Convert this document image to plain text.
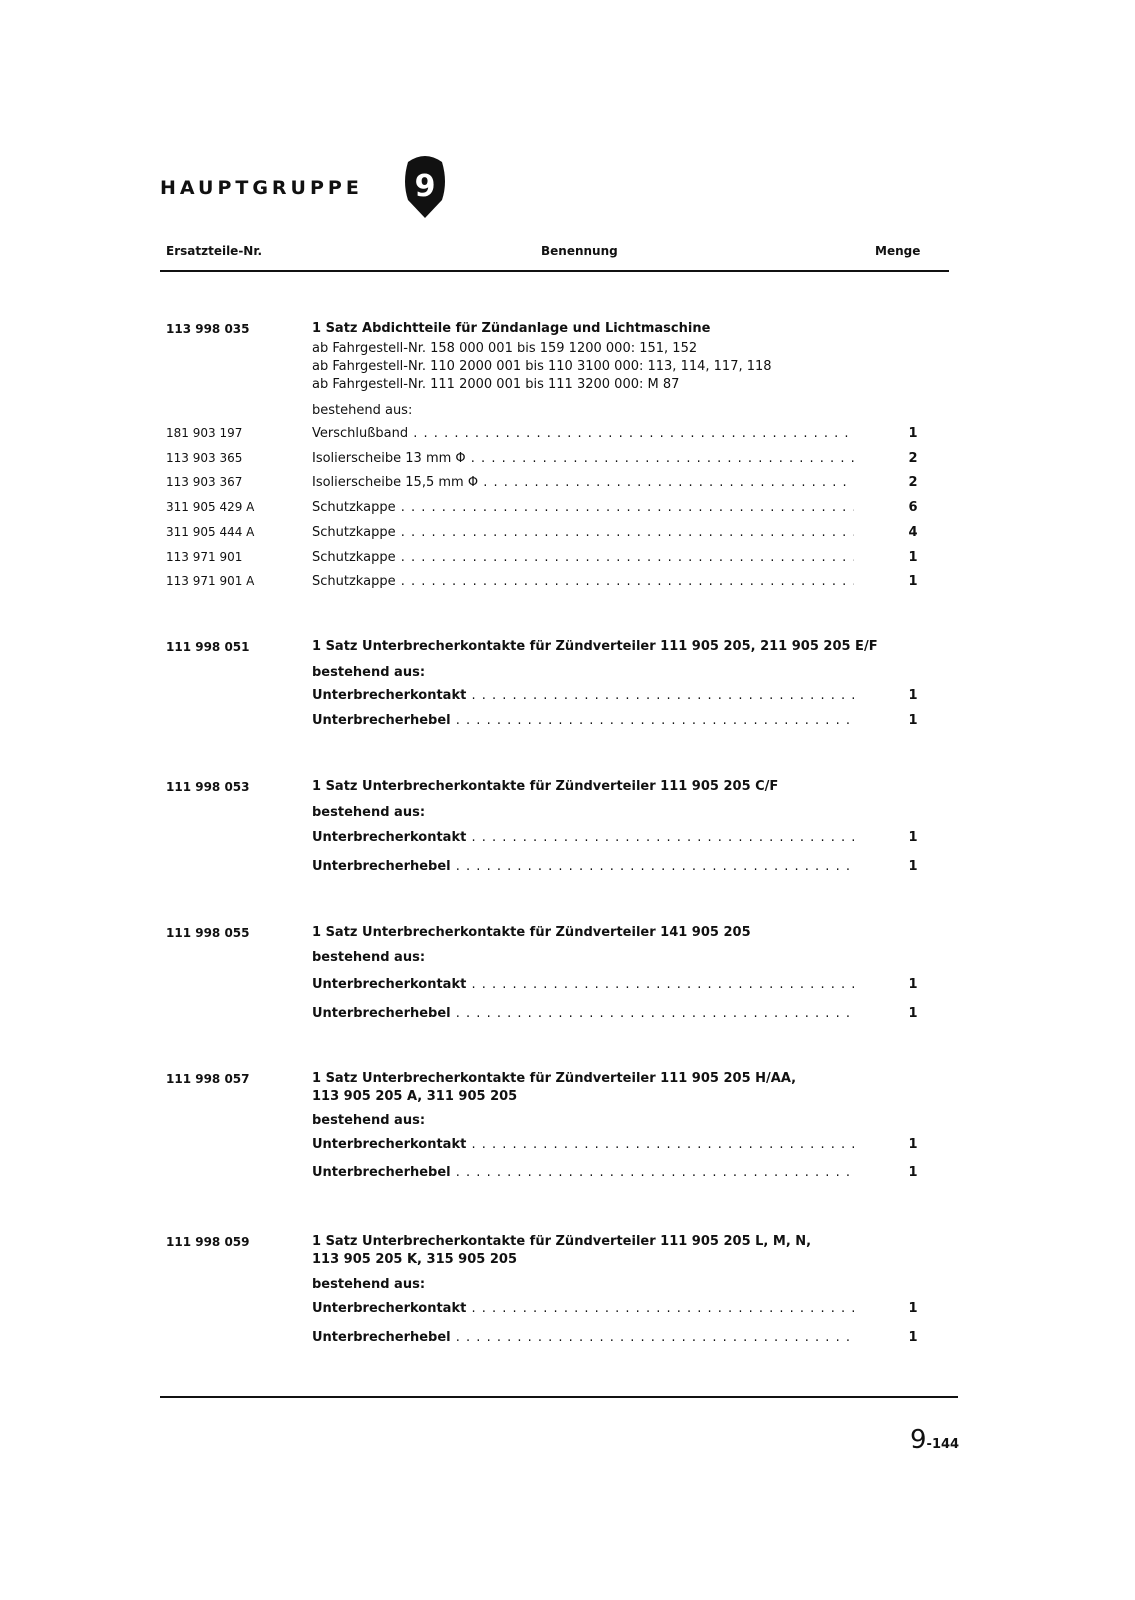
HAUPTGRUPPE 9
Ersatzteile-Nr.	Benennung	Menge
113 998 035	1 Satz Abdichtteile für Zündanlage und Lichtmaschine
ab Fahrgestell-Nr. 158 000 001 bis 159 1200 000: 151, 152
ab Fahrgestell-Nr. 110 2000 001 bis 110 3100 000: 113, 114, 117, 118
ab Fahrgestell-Nr. 111 2000 001 bis 111 3200 000: M 87
bestehend aus:
181 903 197	Verschlußband . . .	1
113 903 365	Isolierscheibe 13 mm Φ . . .	2
113 903 367	Isolierscheibe 15,5 mm Φ . . .	2
311 905 429 A	Schutzkappe . . .	6
311 905 444 A	Schutzkappe . . .	4
113 971 901	Schutzkappe . . .	1
113 971 901 A	Schutzkappe . . .	1
111 998 051	1 Satz Unterbrecherkontakte für Zündverteiler 111 905 205, 211 905 205 E/F
bestehend aus:
Unterbrecherkontakt . . .	1
Unterbrecherhebel . . .	1
111 998 053	1 Satz Unterbrecherkontakte für Zündverteiler 111 905 205 C/F
bestehend aus:
Unterbrecherkontakt . . .	1
Unterbrecherhebel . . .	1
111 998 055	1 Satz Unterbrecherkontakte für Zündverteiler 141 905 205
bestehend aus:
Unterbrecherkontakt . . .	1
Unterbrecherhebel . . .	1
111 998 057	1 Satz Unterbrecherkontakte für Zündverteiler 111 905 205 H/AA,
113 905 205 A, 311 905 205
bestehend aus:
Unterbrecherkontakt . . .	1
Unterbrecherhebel . . .	1
111 998 059	1 Satz Unterbrecherkontakte für Zündverteiler 111 905 205 L, M, N,
113 905 205 K, 315 905 205
bestehend aus:
Unterbrecherkontakt . . .	1
Unterbrecherhebel . . .	1
9-144
